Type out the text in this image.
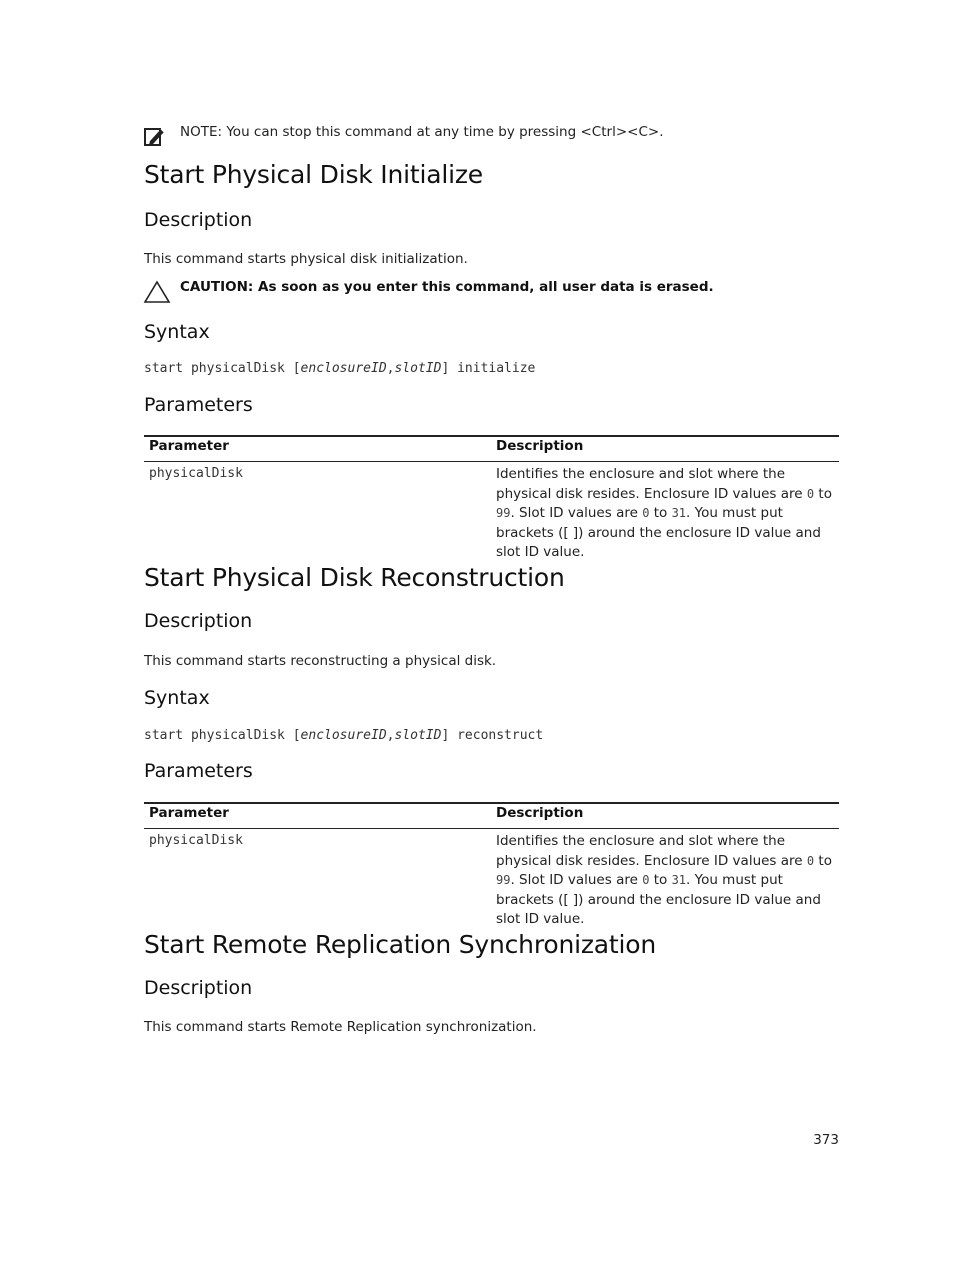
NOTE: You can stop this command at any time by pressing <Ctrl><C>.
Start Physical Disk Initialize
Description
This command starts physical disk initialization.
CAUTION: As soon as you enter this command, all user data is erased.
Syntax
start physicalDisk [enclosureID,slotID] initialize
Parameters
Parameter	Description
physicalDisk	Identifies the enclosure and slot where the physical disk resides. Enclosure ID values are 0 to 99. Slot ID values are 0 to 31. You must put brackets ([ ]) around the enclosure ID value and slot ID value.
Start Physical Disk Reconstruction
Description
This command starts reconstructing a physical disk.
Syntax
start physicalDisk [enclosureID,slotID] reconstruct
Parameters
Parameter	Description
physicalDisk	Identifies the enclosure and slot where the physical disk resides. Enclosure ID values are 0 to 99. Slot ID values are 0 to 31. You must put brackets ([ ]) around the enclosure ID value and slot ID value.
Start Remote Replication Synchronization
Description
This command starts Remote Replication synchronization.
373
